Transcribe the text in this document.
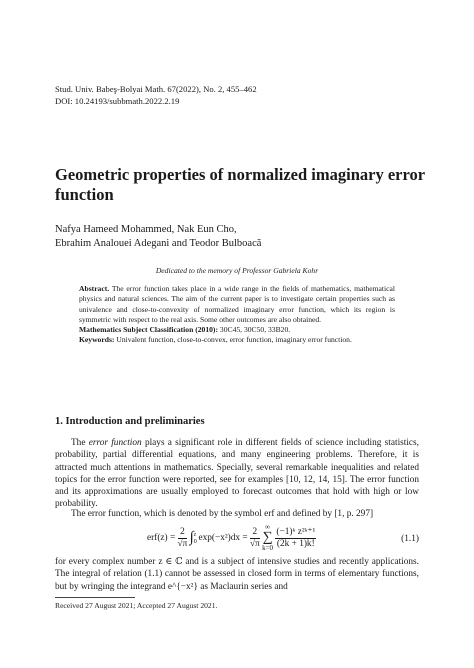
Stud. Univ. Babeş-Bolyai Math. 67(2022), No. 2, 455–462
DOI: 10.24193/subbmath.2022.2.19
Geometric properties of normalized imaginary error function
Nafya Hameed Mohammed, Nak Eun Cho,
Ebrahim Analouei Adegani and Teodor Bulboacă
Dedicated to the memory of Professor Gabriela Kohr

Abstract. The error function takes place in a wide range in the fields of mathematics, mathematical physics and natural sciences. The aim of the current paper is to investigate certain properties such as univalence and close-to-convexity of normalized imaginary error function, which its region is symmetric with respect to the real axis. Some other outcomes are also obtained.

Mathematics Subject Classification (2010): 30C45, 30C50, 33B20.

Keywords: Univalent function, close-to-convex, error function, imaginary error function.

1. Introduction and preliminaries

The error function plays a significant role in different fields of science including statistics, probability, partial differential equations, and many engineering problems. Therefore, it is attracted much attentions in mathematics. Specially, several remarkable inequalities and related topics for the error function were reported, see for examples [10, 12, 14, 15]. The error function and its approximations are usually employed to forecast outcomes that hold with high or low probability.

The error function, which is denoted by the symbol erf and defined by [1, p. 297]

$erf(z) = \frac{2}{√\pi} \int_0^z$ $\exp(-x^2)dx = \frac{2}{√\pi}$ ∞
∑
$k=0 \frac{\text{(−1)ᵏ z²ᵏ⁺¹}}{(2k + 1)k!}$	(1.1)

for every complex number z ∈ ℂ and is a subject of intensive studies and recently applications. The integral of relation (1.1) cannot be assessed in closed form in terms of elementary functions, but by wringing the integrand e^{−x²} as Maclaurin series and

Received 27 August 2021; Accepted 27 August 2021.
